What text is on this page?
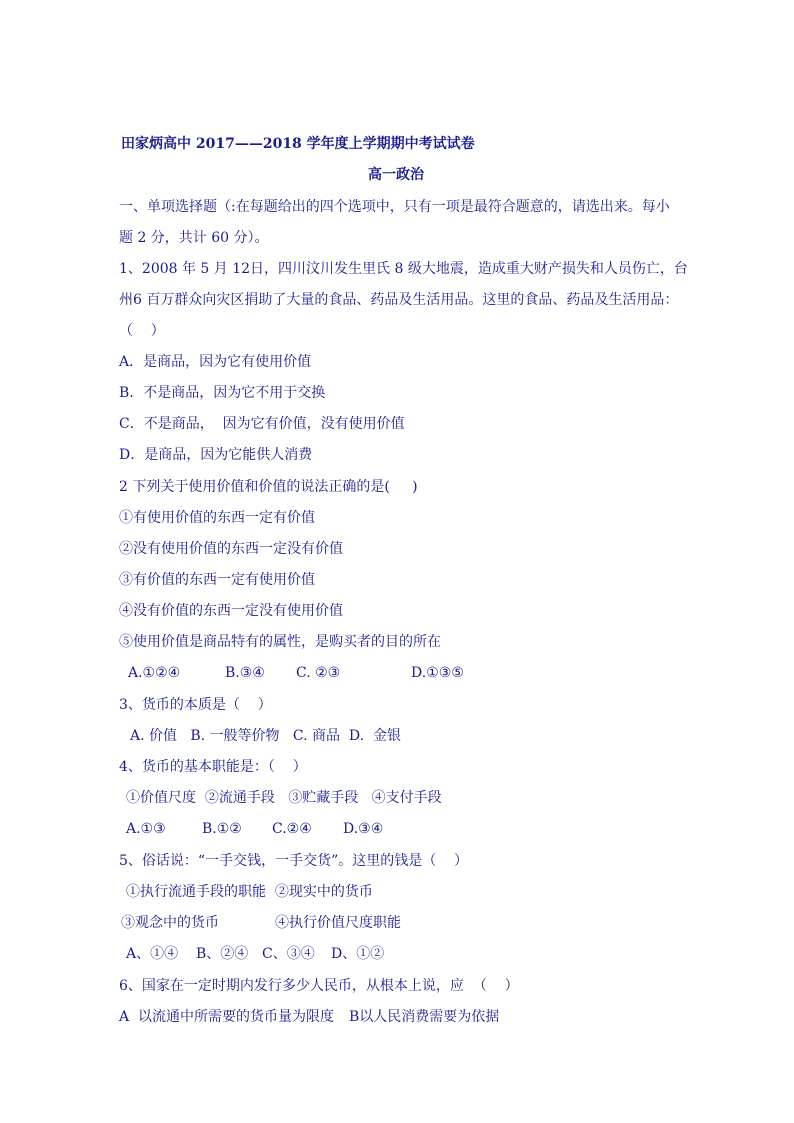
田家炳高中 2017——2018 学年度上学期期中考试试卷
高一政治
一、单项选择题（:在每题给出的四个选项中，只有一项是最符合题意的，请选出来。每小
题 2 分，共计 60 分）。
1、2008 年 5 月 12日，四川汶川发生里氏 8 级大地震，造成重大财产损失和人员伤亡，台
州6 百万群众向灾区捐助了大量的食品、药品及生活用品。这里的食品、药品及生活用品：
（    ）
A．是商品，因为它有使用价值
B．不是商品，因为它不用于交换
C．不是商品，  因为它有价值，没有使用价值
D．是商品，因为它能供人消费
2 下列关于使用价值和价值的说法正确的是(     )
①有使用价值的东西一定有价值
②没有使用价值的东西一定没有价值
③有价值的东西一定有使用价值
④没有价值的东西一定没有使用价值
⑤使用价值是商品特有的属性，是购买者的目的所在
A.①②④	B.③④ C. ②③	D.①③⑤
3、货币的本质是（    ）
A. 价值   B. 一般等价物   C. 商品  D.  金银
4、货币的基本职能是：（    ）
①价值尺度  ②流通手段   ③贮藏手段   ④支付手段
A.①③	B.①② C.②④ D.③④
5、俗话说：“一手交钱，一手交货”。这里的钱是（    ）
①执行流通手段的职能  ②现实中的货币
③观念中的货币	④执行价值尺度职能
A、①④ B、②④ C、③④ D、①②
6、国家在一定时期内发行多少人民币，从根本上说，应  （    ）
A  以流通中所需要的货币量为限度 B以人民消费需要为依据
